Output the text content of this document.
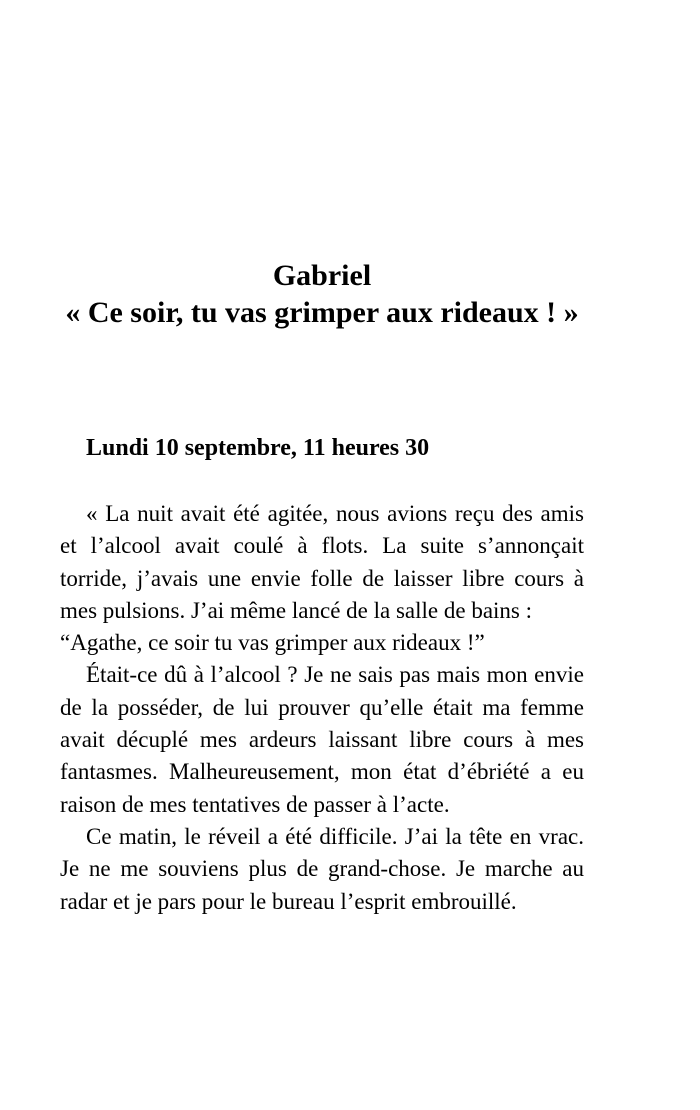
Gabriel
« Ce soir, tu vas grimper aux rideaux ! »
Lundi 10 septembre, 11 heures 30

« La nuit avait été agitée, nous avions reçu des amis et l’alcool avait coulé à flots. La suite s’annonçait torride, j’avais une envie folle de laisser libre cours à mes pulsions. J’ai même lancé de la salle de bains :

“Agathe, ce soir tu vas grimper aux rideaux !”

Était-ce dû à l’alcool ? Je ne sais pas mais mon envie de la posséder, de lui prouver qu’elle était ma femme avait décuplé mes ardeurs laissant libre cours à mes fantasmes. Malheureusement, mon état d’ébriété a eu raison de mes tentatives de passer à l’acte.

Ce matin, le réveil a été difficile. J’ai la tête en vrac. Je ne me souviens plus de grand-chose. Je marche au radar et je pars pour le bureau l’esprit embrouillé.
